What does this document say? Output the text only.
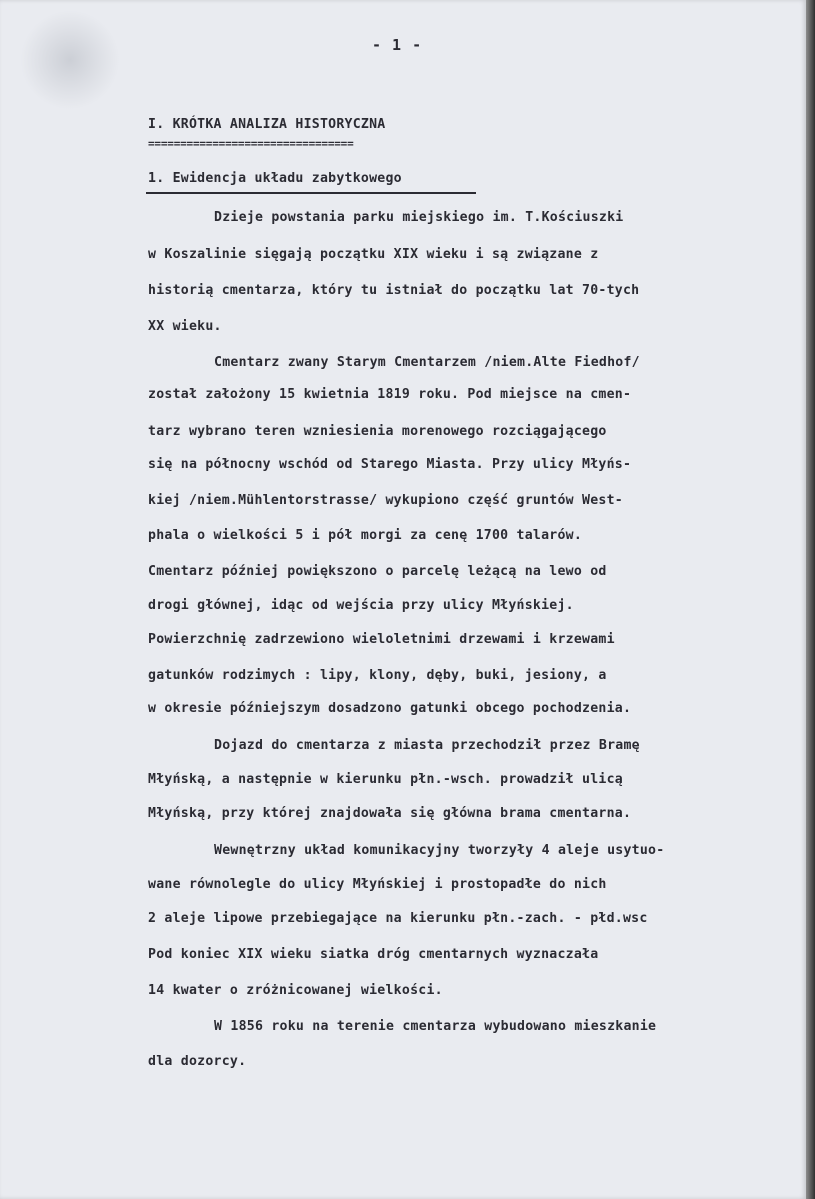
- 1 -

I. KRÓTKA ANALIZA HISTORYCZNA

================================

1. Ewidencja układu zabytkowego

Dzieje powstania parku miejskiego im. T.Kościuszki

w Koszalinie sięgają początku XIX wieku i są związane z

historią cmentarza, który tu istniał do początku lat 70-tych

XX wieku.

Cmentarz zwany Starym Cmentarzem /niem.Alte Fiedhof/

został założony 15 kwietnia 1819 roku. Pod miejsce na cmen-

tarz wybrano teren wzniesienia morenowego rozciągającego

się na północny wschód od Starego Miasta. Przy ulicy Młyńs-

kiej /niem.Mühlentorstrasse/ wykupiono część gruntów West-

phala o wielkości 5 i pół morgi za cenę 1700 talarów.

Cmentarz później powiększono o parcelę leżącą na lewo od

drogi głównej, idąc od wejścia przy ulicy Młyńskiej.

Powierzchnię zadrzewiono wieloletnimi drzewami i krzewami

gatunków rodzimych : lipy, klony, dęby, buki, jesiony, a

w okresie późniejszym dosadzono gatunki obcego pochodzenia.

Dojazd do cmentarza z miasta przechodził przez Bramę

Młyńską, a następnie w kierunku płn.-wsch. prowadził ulicą

Młyńską, przy której znajdowała się główna brama cmentarna.

Wewnętrzny układ komunikacyjny tworzyły 4 aleje usytuo-

wane równolegle do ulicy Młyńskiej i prostopadłe do nich

2 aleje lipowe przebiegające na kierunku płn.-zach. - płd.wsc

Pod koniec XIX wieku siatka dróg cmentarnych wyznaczała

14 kwater o zróżnicowanej wielkości.

W 1856 roku na terenie cmentarza wybudowano mieszkanie

dla dozorcy.
